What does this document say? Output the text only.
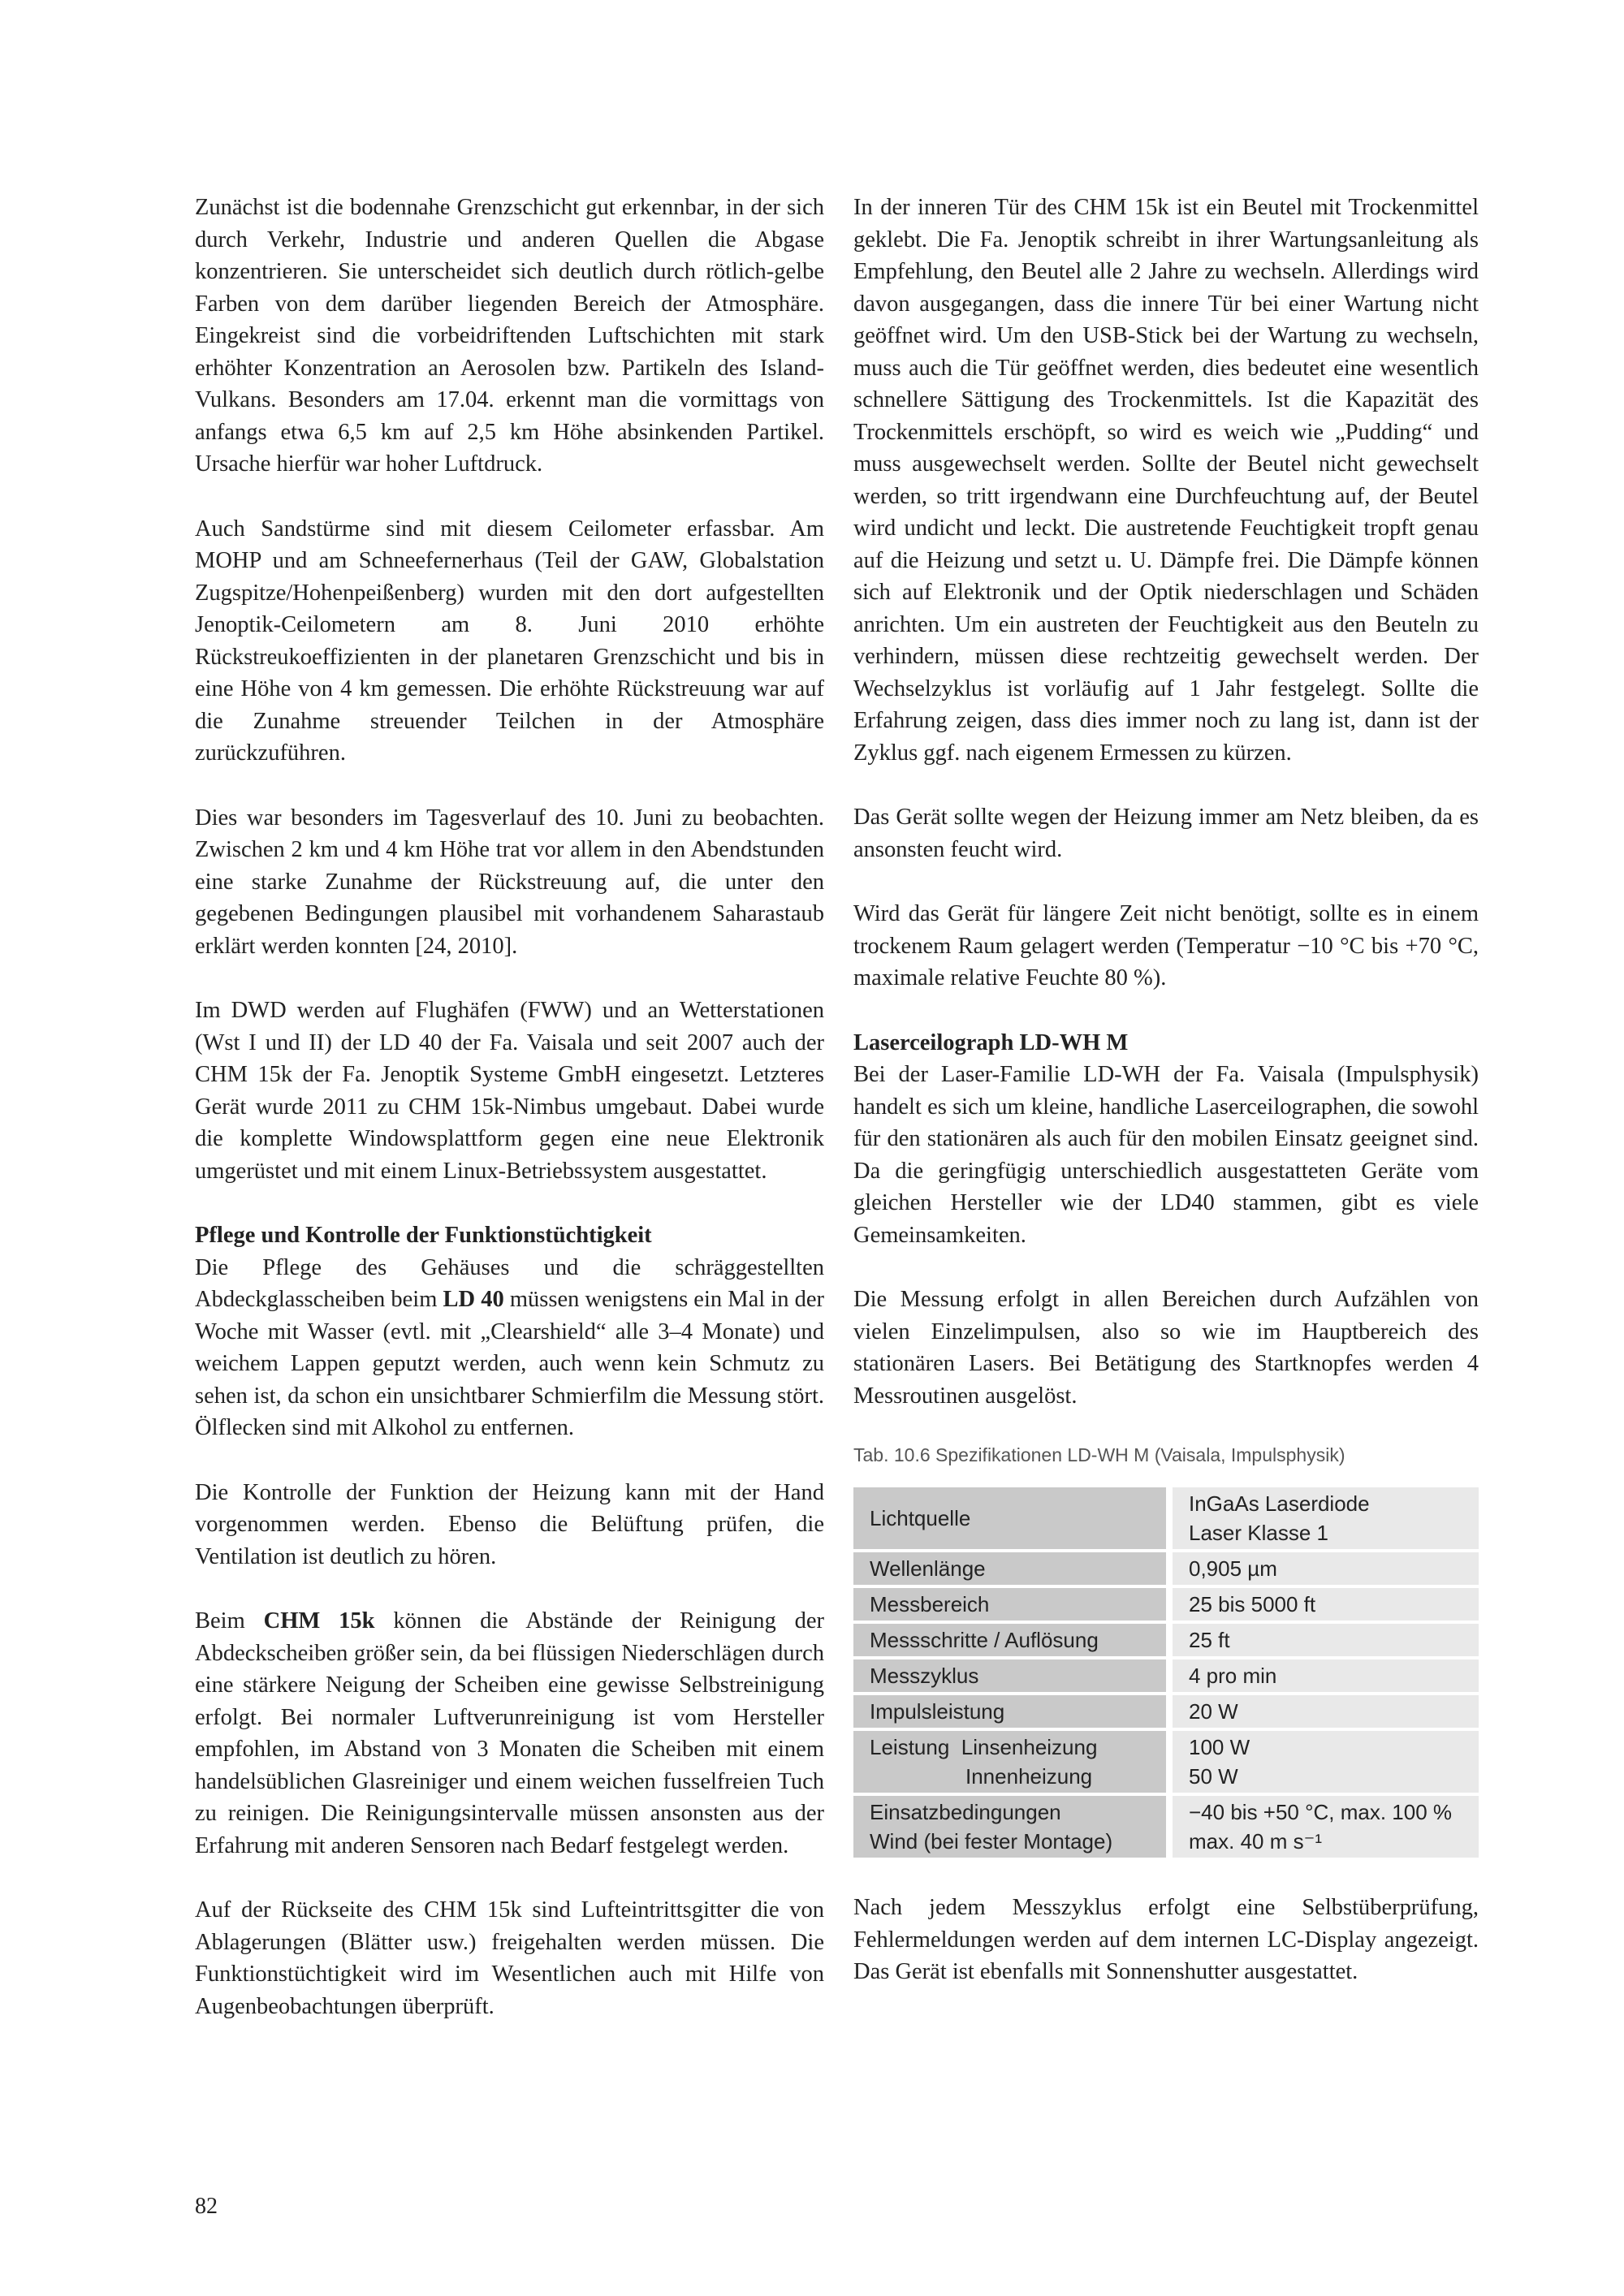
Zunächst ist die bodennahe Grenzschicht gut erkennbar, in der sich durch Verkehr, Industrie und anderen Quellen die Abgase konzentrieren. Sie unterscheidet sich deutlich durch rötlich-gelbe Farben von dem darüber liegenden Bereich der Atmosphäre. Eingekreist sind die vorbeidriftenden Luftschichten mit stark erhöhter Konzentration an Aerosolen bzw. Partikeln des Island-Vulkans. Besonders am 17.04. erkennt man die vormittags von anfangs etwa 6,5 km auf 2,5 km Höhe absinkenden Partikel. Ursache hierfür war hoher Luftdruck.

Auch Sandstürme sind mit diesem Ceilometer erfassbar. Am MOHP und am Schneefernerhaus (Teil der GAW, Globalstation Zugspitze/Hohenpeißenberg) wurden mit den dort aufgestellten Jenoptik-Ceilometern am 8. Juni 2010 erhöhte Rückstreukoeffizienten in der planetaren Grenzschicht und bis in eine Höhe von 4 km gemessen. Die erhöhte Rückstreuung war auf die Zunahme streuender Teilchen in der Atmosphäre zurückzuführen.

Dies war besonders im Tagesverlauf des 10. Juni zu beobachten. Zwischen 2 km und 4 km Höhe trat vor allem in den Abendstunden eine starke Zunahme der Rückstreuung auf, die unter den gegebenen Bedingungen plausibel mit vorhandenem Saharastaub erklärt werden konnten [24, 2010].

Im DWD werden auf Flughäfen (FWW) und an Wetterstationen (Wst I und II) der LD 40 der Fa. Vaisala und seit 2007 auch der CHM 15k der Fa. Jenoptik Systeme GmbH eingesetzt. Letzteres Gerät wurde 2011 zu CHM 15k-Nimbus umgebaut. Dabei wurde die komplette Windowsplattform gegen eine neue Elektronik umgerüstet und mit einem Linux-Betriebssystem ausgestattet.

Pflege und Kontrolle der Funktionstüchtigkeit

Die Pflege des Gehäuses und die schräggestellten Abdeckglasscheiben beim LD 40 müssen wenigstens ein Mal in der Woche mit Wasser (evtl. mit „Clearshield“ alle 3–4 Monate) und weichem Lappen geputzt werden, auch wenn kein Schmutz zu sehen ist, da schon ein unsichtbarer Schmierfilm die Messung stört. Ölflecken sind mit Alkohol zu entfernen.

Die Kontrolle der Funktion der Heizung kann mit der Hand vorgenommen werden. Ebenso die Belüftung prüfen, die Ventilation ist deutlich zu hören.

Beim CHM 15k können die Abstände der Reinigung der Abdeckscheiben größer sein, da bei flüssigen Niederschlägen durch eine stärkere Neigung der Scheiben eine gewisse Selbstreinigung erfolgt. Bei normaler Luftverunreinigung ist vom Hersteller empfohlen, im Abstand von 3 Monaten die Scheiben mit einem handelsüblichen Glasreiniger und einem weichen fusselfreien Tuch zu reinigen. Die Reinigungsintervalle müssen ansonsten aus der Erfahrung mit anderen Sensoren nach Bedarf festgelegt werden.

Auf der Rückseite des CHM 15k sind Lufteintrittsgitter die von Ablagerungen (Blätter usw.) freigehalten werden müssen. Die Funktionstüchtigkeit wird im Wesentlichen auch mit Hilfe von Augenbeobachtungen überprüft.

In der inneren Tür des CHM 15k ist ein Beutel mit Trockenmittel geklebt. Die Fa. Jenoptik schreibt in ihrer Wartungsanleitung als Empfehlung, den Beutel alle 2 Jahre zu wechseln. Allerdings wird davon ausgegangen, dass die innere Tür bei einer Wartung nicht geöffnet wird. Um den USB-Stick bei der Wartung zu wechseln, muss auch die Tür geöffnet werden, dies bedeutet eine wesentlich schnellere Sättigung des Trockenmittels. Ist die Kapazität des Trockenmittels erschöpft, so wird es weich wie „Pudding“ und muss ausgewechselt werden. Sollte der Beutel nicht gewechselt werden, so tritt irgendwann eine Durchfeuchtung auf, der Beutel wird undicht und leckt. Die austretende Feuchtigkeit tropft genau auf die Heizung und setzt u. U. Dämpfe frei. Die Dämpfe können sich auf Elektronik und der Optik niederschlagen und Schäden anrichten. Um ein austreten der Feuchtigkeit aus den Beuteln zu verhindern, müssen diese rechtzeitig gewechselt werden. Der Wechselzyklus ist vorläufig auf 1 Jahr festgelegt. Sollte die Erfahrung zeigen, dass dies immer noch zu lang ist, dann ist der Zyklus ggf. nach eigenem Ermessen zu kürzen.

Das Gerät sollte wegen der Heizung immer am Netz bleiben, da es ansonsten feucht wird.

Wird das Gerät für längere Zeit nicht benötigt, sollte es in einem trockenem Raum gelagert werden (Temperatur −10 °C bis +70 °C, maximale relative Feuchte 80 %).

Laserceilograph LD-WH M

Bei der Laser-Familie LD-WH der Fa. Vaisala (Impulsphysik) handelt es sich um kleine, handliche Laserceilographen, die sowohl für den stationären als auch für den mobilen Einsatz geeignet sind. Da die geringfügig unterschiedlich ausgestatteten Geräte vom gleichen Hersteller wie der LD40 stammen, gibt es viele Gemeinsamkeiten.

Die Messung erfolgt in allen Bereichen durch Aufzählen von vielen Einzelimpulsen, also so wie im Hauptbereich des stationären Lasers. Bei Betätigung des Startknopfes werden 4 Messroutinen ausgelöst.

Tab. 10.6 Spezifikationen LD-WH M (Vaisala, Impulsphysik)
Lichtquelle	InGaAs Laserdiode
Laser Klasse 1

Wellenlänge	0,905 µm

Messbereich	25 bis 5000 ft

Messschritte / Auflösung	25 ft

Messzyklus	4 pro min

Impulsleistung	20 W

Leistung  Linsenheizung
Innenheizung	100 W
50 W

Einsatzbedingungen
Wind (bei fester Montage)	−40 bis +50 °C, max. 100 %
max. 40 m s⁻¹

Nach jedem Messzyklus erfolgt eine Selbstüberprüfung, Fehlermeldungen werden auf dem internen LC-Display angezeigt. Das Gerät ist ebenfalls mit Sonnenshutter ausgestattet.

82
